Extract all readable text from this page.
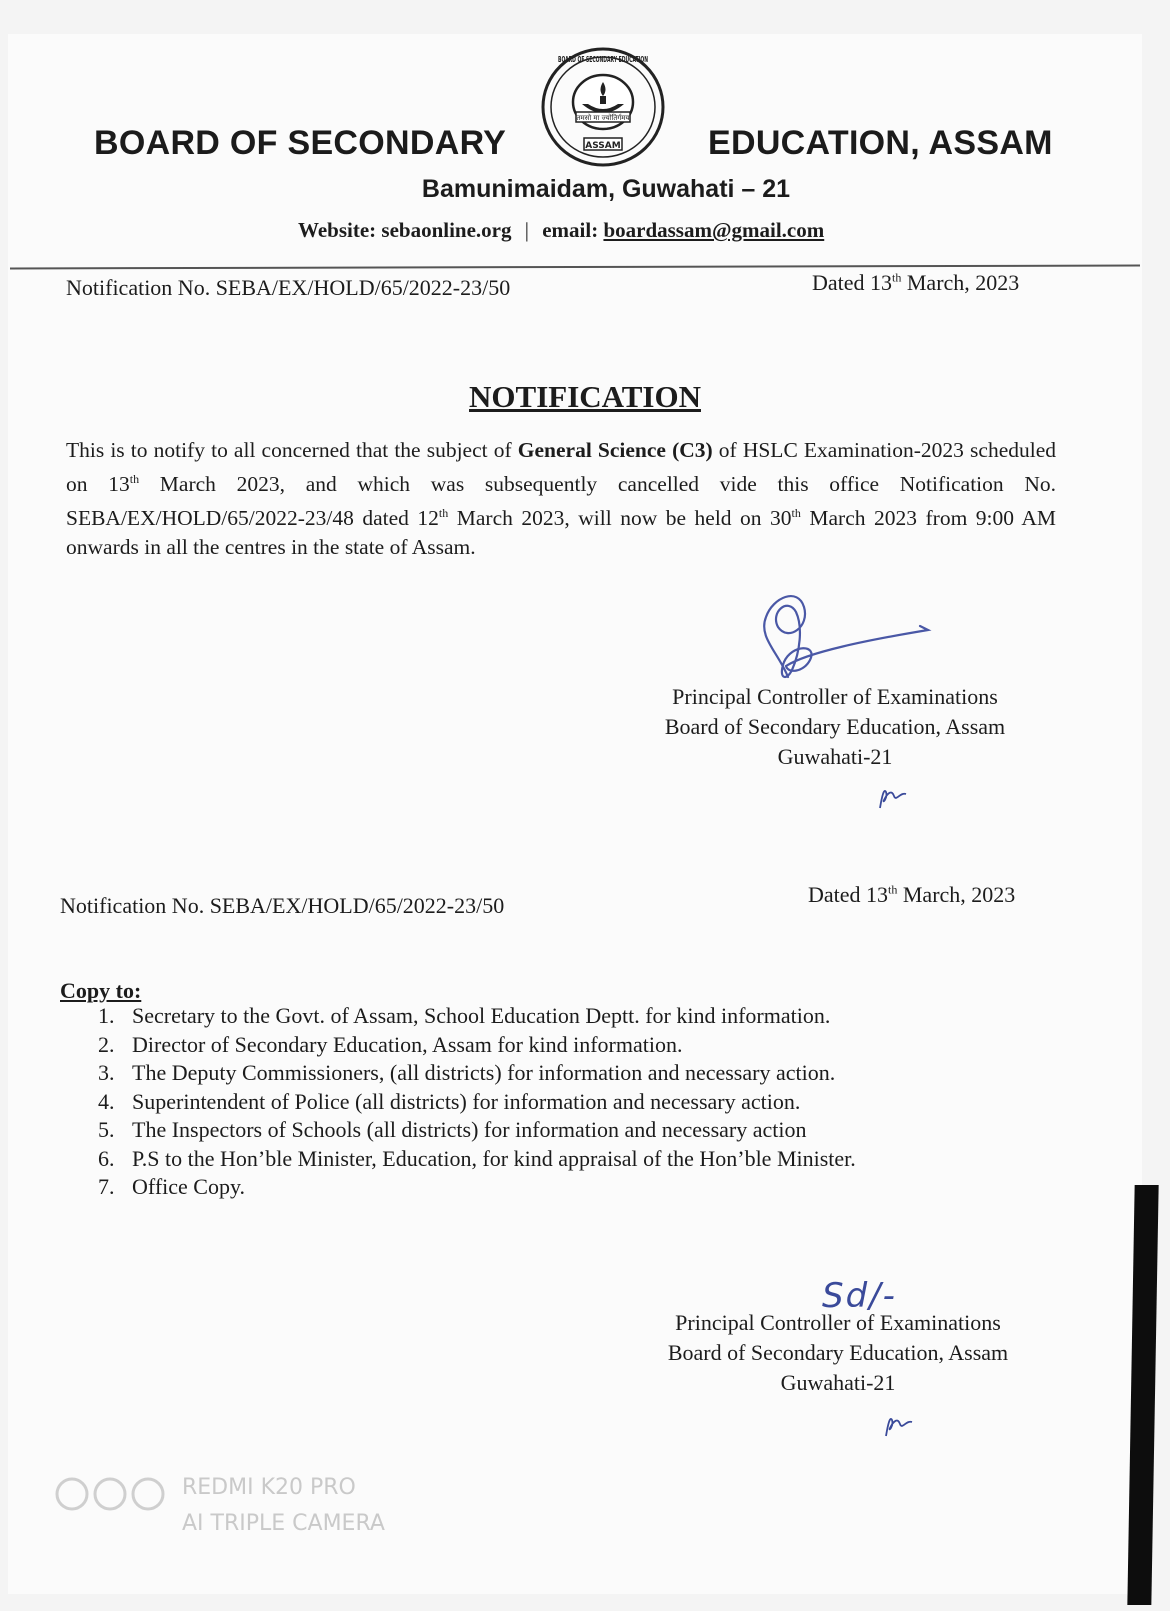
BOARD OF SECONDARY
तमसो मा ज्योतिर्गमय
BOARD OF SECONDARY EDUCATION
ASSAM	EDUCATION, ASSAM
Bamunimaidam, Guwahati – 21
Website: sebaonline.org | email: boardassam@gmail.com
Notification No. SEBA/EX/HOLD/65/2022-23/50	Dated 13th March, 2023
NOTIFICATION
This is to notify to all concerned that the subject of General Science (C3) of HSLC Examination-2023 scheduled on 13th March 2023, and which was subsequently cancelled vide this office Notification No. SEBA/EX/HOLD/65/2022-23/48 dated 12th March 2023, will now be held on 30th March 2023 from 9:00 AM onwards in all the centres in the state of Assam.
Principal Controller of Examinations
Board of Secondary Education, Assam
Guwahati-21
Notification No. SEBA/EX/HOLD/65/2022-23/50	Dated 13th March, 2023
Copy to:
1. Secretary to the Govt. of Assam, School Education Deptt. for kind information.
2. Director of Secondary Education, Assam for kind information.
3. The Deputy Commissioners, (all districts) for information and necessary action.
4. Superintendent of Police (all districts) for information and necessary action.
5. The Inspectors of Schools (all districts) for information and necessary action
6. P.S to the Hon’ble Minister, Education, for kind appraisal of the Hon’ble Minister.
7. Office Copy.
Sd/-
Principal Controller of Examinations
Board of Secondary Education, Assam
Guwahati-21
REDMI K20 PRO
AI TRIPLE CAMERA
